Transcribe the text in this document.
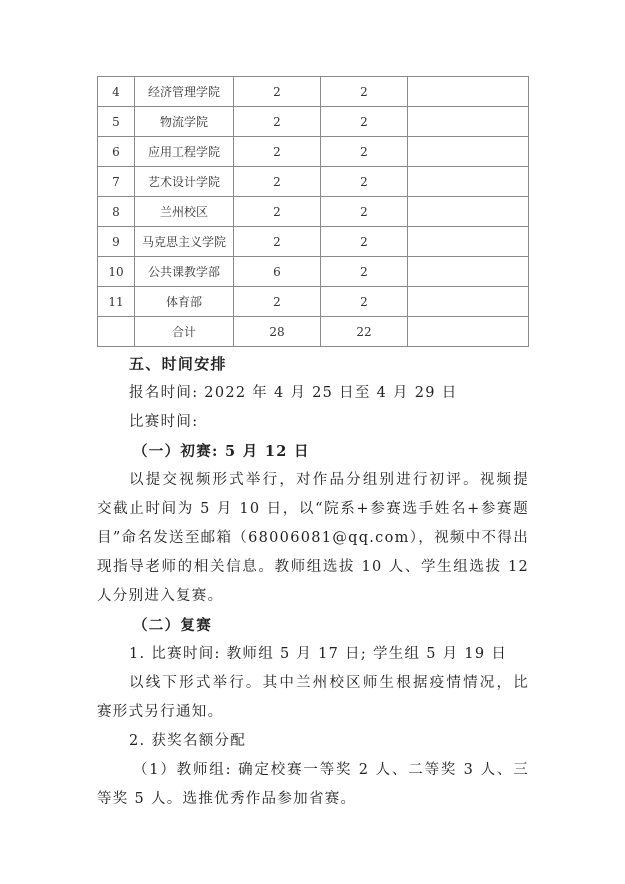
4	经济管理学院	2	2	
5	物流学院	2	2	
6	应用工程学院	2	2	
7	艺术设计学院	2	2	
8	兰州校区	2	2	
9	马克思主义学院	2	2	
10	公共课教学部	6	2	
11	体育部	2	2	
	合计	28	22	
五、时间安排
报名时间: 2022 年 4 月 25 日至 4 月 29 日
比赛时间:
（一）初赛: 5 月 12 日
以提交视频形式举行，对作品分组别进行初评。视频提
交截止时间为 5 月 10 日，以“院系+参赛选手姓名+参赛题
目”命名发送至邮箱（68006081@qq.com），视频中不得出
现指导老师的相关信息。教师组选拔 10 人、学生组选拔 12
人分别进入复赛。
（二）复赛
1. 比赛时间: 教师组 5 月 17 日; 学生组 5 月 19 日
以线下形式举行。其中兰州校区师生根据疫情情况，比
赛形式另行通知。
2. 获奖名额分配
（1）教师组: 确定校赛一等奖 2 人、二等奖 3 人、三
等奖 5 人。选推优秀作品参加省赛。
